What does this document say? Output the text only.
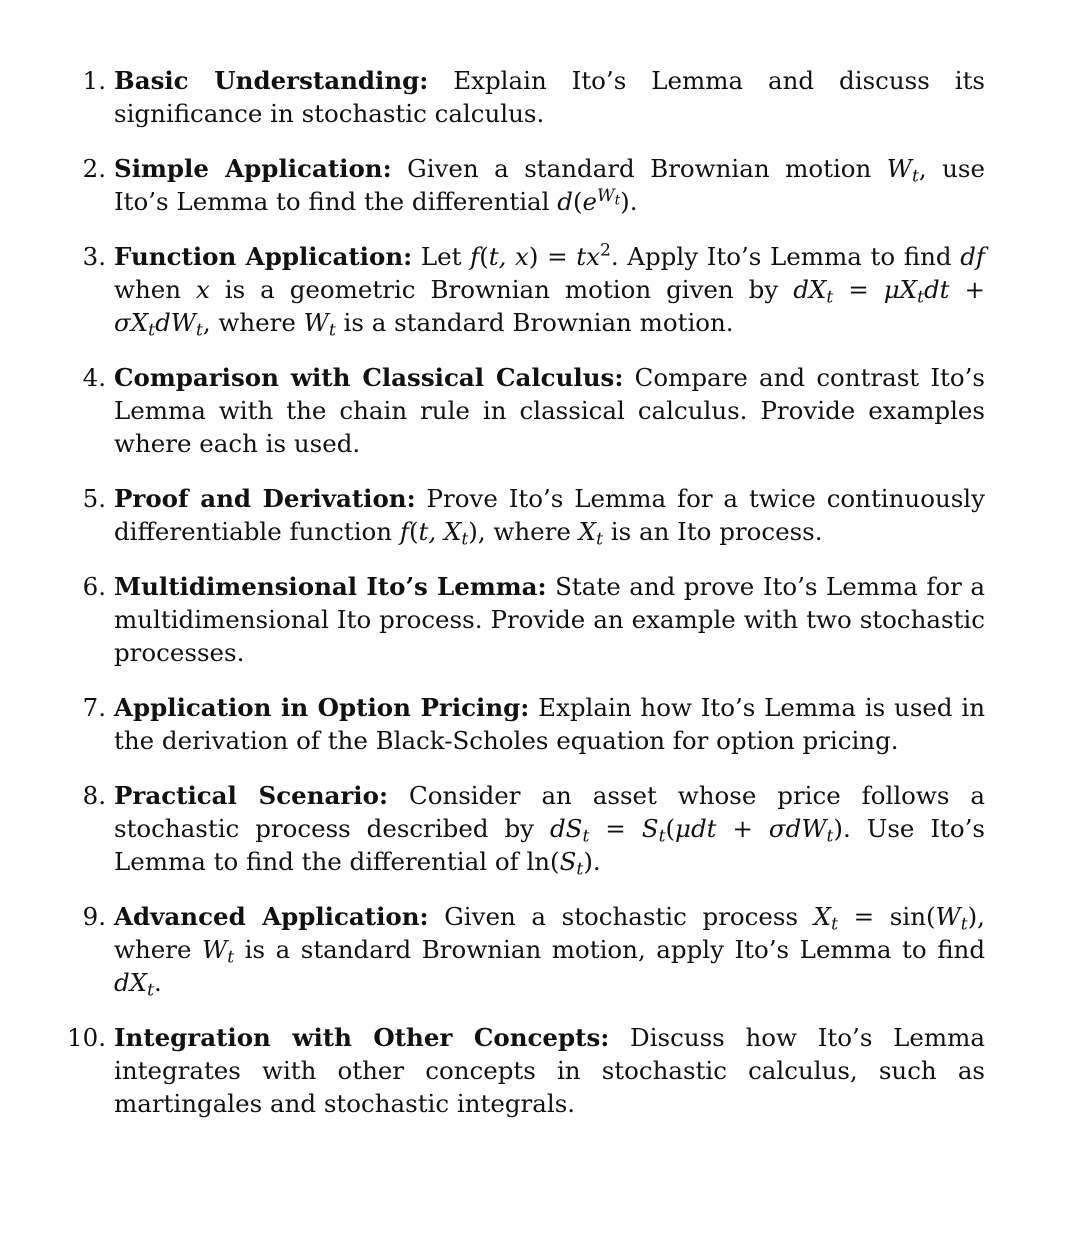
1. Basic Understanding: Explain Ito’s Lemma and discuss its significance in stochastic calculus.
2. Simple Application: Given a standard Brownian motion $W_t$, use Ito’s Lemma to find the differential $d(e^{W_t})$.
3. Function Application: Let f(t, $x) = tx^2$. Apply Ito’s Lemma to find df when x is a geometric Brownian motion given by $dX_t = \mu X_tdt + \sigma X_tdW_t$, where $W_t$ is a standard Brownian motion.
4. Comparison with Classical Calculus: Compare and contrast Ito’s Lemma with the chain rule in classical calculus. Provide examples where each is used.
5. Proof and Derivation: Prove Ito’s Lemma for a twice continuously differentiable function f(t, $X_t$), where $X_t$ is an Ito process.
6. Multidimensional Ito’s Lemma: State and prove Ito’s Lemma for a multidimensional Ito process. Provide an example with two stochastic processes.
7. Application in Option Pricing: Explain how Ito’s Lemma is used in the derivation of the Black-Scholes equation for option pricing.
8. Practical Scenario: Consider an asset whose price follows a stochastic process described by $dS_t = S_t(\mu dt + \sigma dW_t)$. Use Ito’s Lemma to find the differential of $\ln(S_t)$.
9. Advanced Application: Given a stochastic process $X_t = \sin(W_t)$, where $W_t$ is a standard Brownian motion, apply Ito’s Lemma to find $dX_t$.
10. Integration with Other Concepts: Discuss how Ito’s Lemma integrates with other concepts in stochastic calculus, such as martingales and stochastic integrals.
